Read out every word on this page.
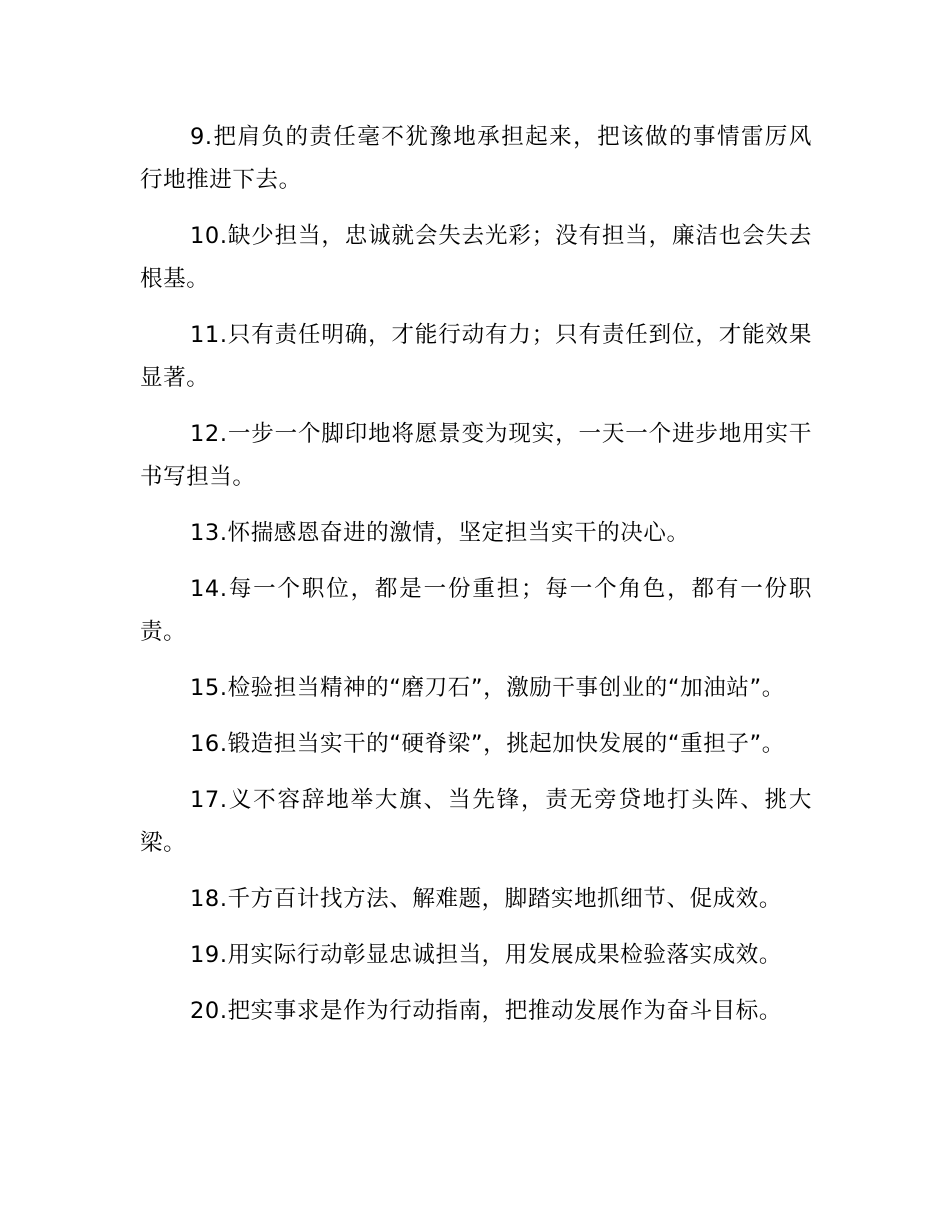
9.把肩负的责任毫不犹豫地承担起来，把该做的事情雷厉风行地推进下去。

10.缺少担当，忠诚就会失去光彩；没有担当，廉洁也会失去根基。

11.只有责任明确，才能行动有力；只有责任到位，才能效果显著。

12.一步一个脚印地将愿景变为现实，一天一个进步地用实干书写担当。

13.怀揣感恩奋进的激情，坚定担当实干的决心。

14.每一个职位，都是一份重担；每一个角色，都有一份职责。

15.检验担当精神的“磨刀石”，激励干事创业的“加油站”。

16.锻造担当实干的“硬脊梁”，挑起加快发展的“重担子”。

17.义不容辞地举大旗、当先锋，责无旁贷地打头阵、挑大梁。

18.千方百计找方法、解难题，脚踏实地抓细节、促成效。

19.用实际行动彰显忠诚担当，用发展成果检验落实成效。

20.把实事求是作为行动指南，把推动发展作为奋斗目标。
